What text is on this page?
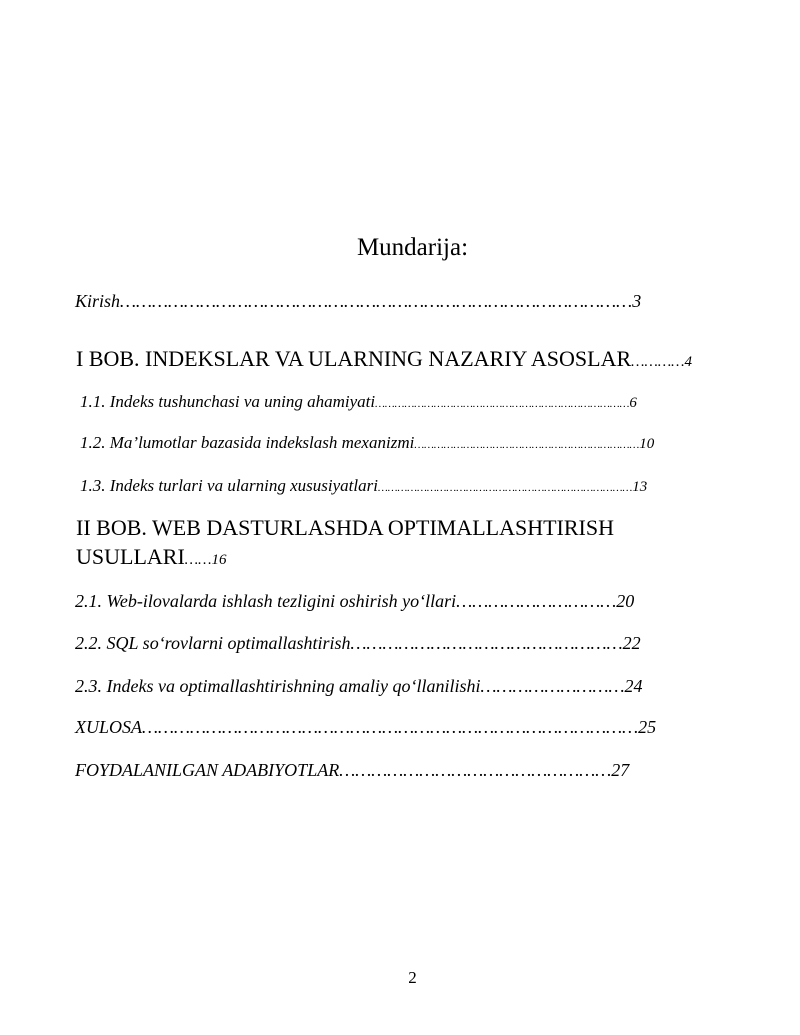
Mundarija:
Kirish……………………………………………………………………………………3
I BOB. INDEKSLAR VA ULARNING NAZARIY ASOSLAR…………4
1.1. Indeks tushunchasi va uning ahamiyati……………………………………………………………………6
1.2. Ma’lumotlar bazasida indekslash mexanizmi……………………………………………………………10
1.3. Indeks turlari va ularning xususiyatlari……………………………………………………………………13
II BOB. WEB DASTURLASHDA OPTIMALLASHTIRISH
USULLARI……16
2.1. Web-ilovalarda ishlash tezligini oshirish yo‘llari…………………………20
2.2. SQL so‘rovlarni optimallashtirish……………………………………………22
2.3. Indeks va optimallashtirishning amaliy qo‘llanilishi………………………24
XULOSA…………………………………………………………………………………25
FOYDALANILGAN ADABIYOTLAR……………………………………………27
2
